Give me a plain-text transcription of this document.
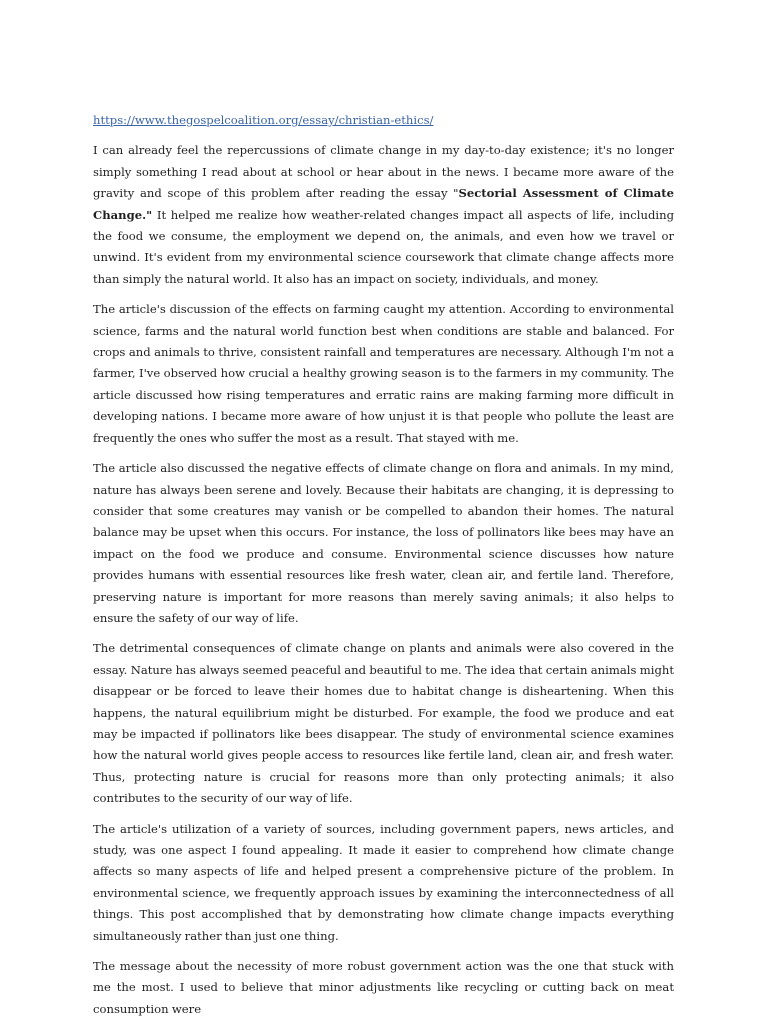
https://www.thegospelcoalition.org/essay/christian-ethics/

I can already feel the repercussions of climate change in my day-to-day existence; it's no longer simply something I read about at school or hear about in the news. I became more aware of the gravity and scope of this problem after reading the essay "Sectorial Assessment of Climate Change." It helped me realize how weather-related changes impact all aspects of life, including the food we consume, the employment we depend on, the animals, and even how we travel or unwind. It's evident from my environmental science coursework that climate change affects more than simply the natural world. It also has an impact on society, individuals, and money.

The article's discussion of the effects on farming caught my attention. According to environmental science, farms and the natural world function best when conditions are stable and balanced. For crops and animals to thrive, consistent rainfall and temperatures are necessary. Although I'm not a farmer, I've observed how crucial a healthy growing season is to the farmers in my community. The article discussed how rising temperatures and erratic rains are making farming more difficult in developing nations. I became more aware of how unjust it is that people who pollute the least are frequently the ones who suffer the most as a result. That stayed with me.

The article also discussed the negative effects of climate change on flora and animals. In my mind, nature has always been serene and lovely. Because their habitats are changing, it is depressing to consider that some creatures may vanish or be compelled to abandon their homes. The natural balance may be upset when this occurs. For instance, the loss of pollinators like bees may have an impact on the food we produce and consume. Environmental science discusses how nature provides humans with essential resources like fresh water, clean air, and fertile land. Therefore, preserving nature is important for more reasons than merely saving animals; it also helps to ensure the safety of our way of life.

The detrimental consequences of climate change on plants and animals were also covered in the essay. Nature has always seemed peaceful and beautiful to me. The idea that certain animals might disappear or be forced to leave their homes due to habitat change is disheartening. When this happens, the natural equilibrium might be disturbed. For example, the food we produce and eat may be impacted if pollinators like bees disappear. The study of environmental science examines how the natural world gives people access to resources like fertile land, clean air, and fresh water. Thus, protecting nature is crucial for reasons more than only protecting animals; it also contributes to the security of our way of life.

The article's utilization of a variety of sources, including government papers, news articles, and study, was one aspect I found appealing. It made it easier to comprehend how climate change affects so many aspects of life and helped present a comprehensive picture of the problem. In environmental science, we frequently approach issues by examining the interconnectedness of all things. This post accomplished that by demonstrating how climate change impacts everything simultaneously rather than just one thing.

The message about the necessity of more robust government action was the one that stuck with me the most. I used to believe that minor adjustments like recycling or cutting back on meat consumption were
